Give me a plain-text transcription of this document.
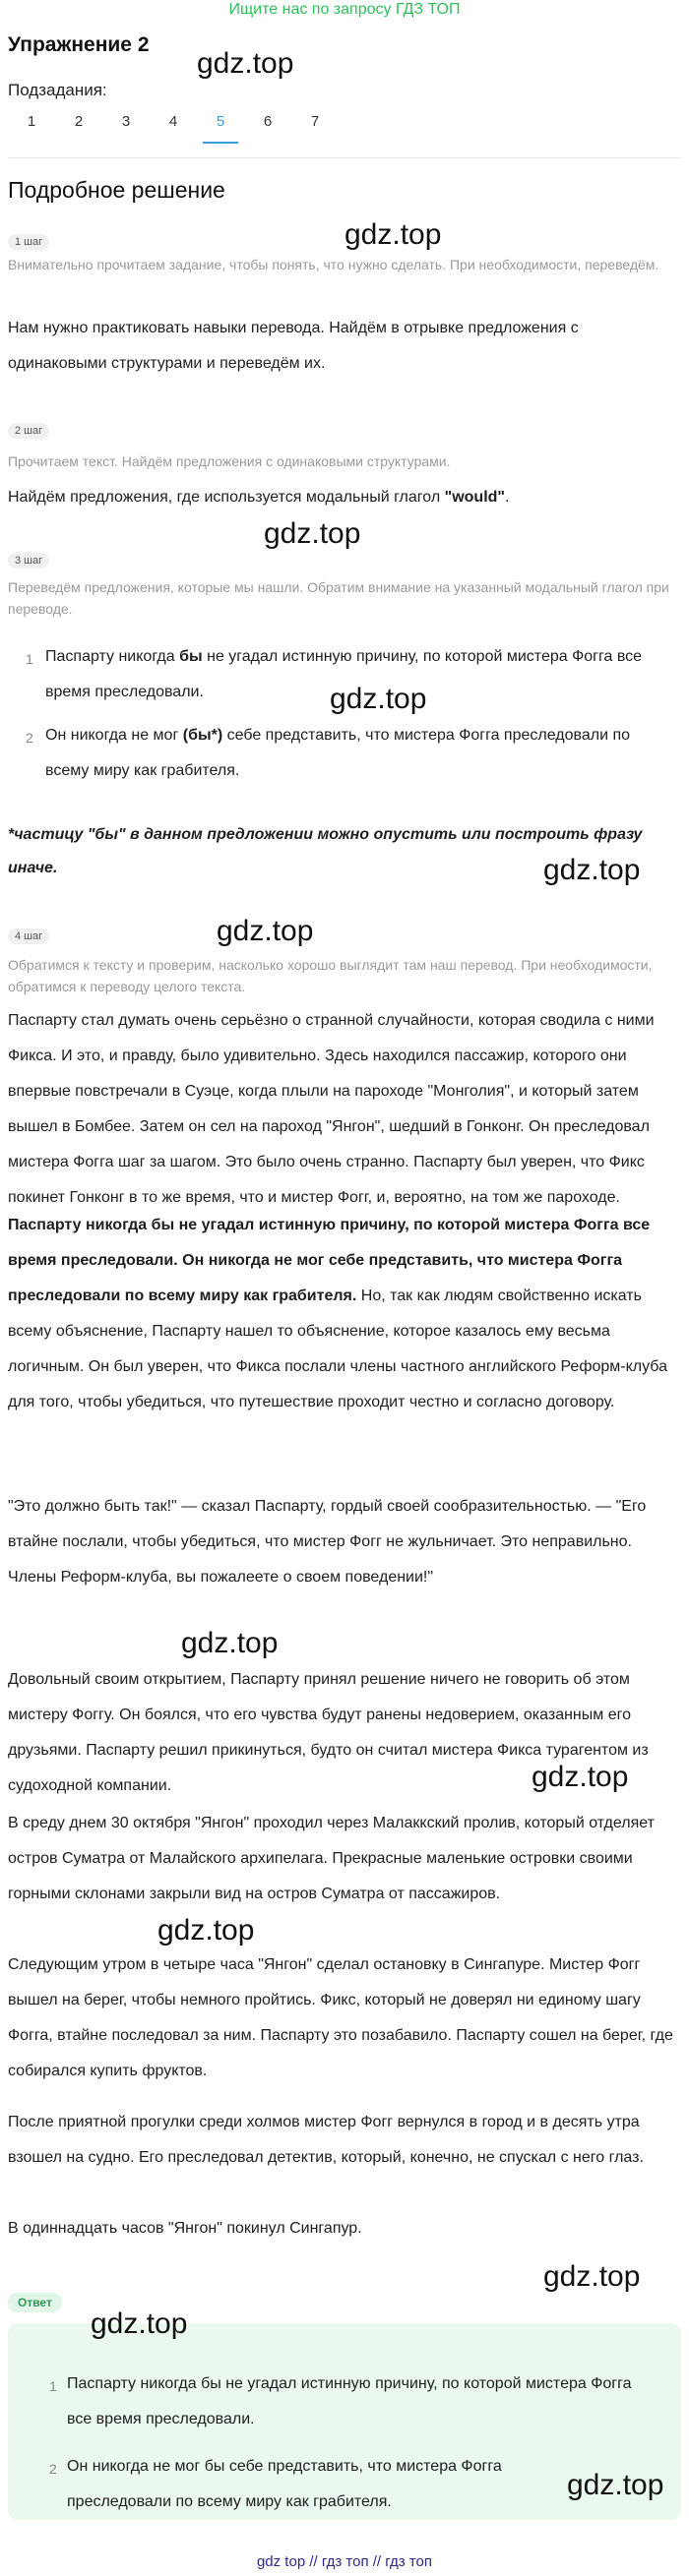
Ищите нас по запросу ГДЗ ТОП
Упражнение 2
gdz.top
Подзадания:
1	2	3	4	5	6	7
Подробное решение
1 шаг	gdz.top
Внимательно прочитаем задание, чтобы понять, что нужно сделать. При необходимости, переведём.
Нам нужно практиковать навыки перевода. Найдём в отрывке предложения с одинаковыми структурами и переведём их.
2 шаг
Прочитаем текст. Найдём предложения с одинаковыми структурами.
Найдём предложения, где используется модальный глагол "would".
gdz.top
3 шаг
Переведём предложения, которые мы нашли. Обратим внимание на указанный модальный глагол при переводе.
1 Паспарту никогда бы не угадал истинную причину, по которой мистера Фогга все время преследовали.	gdz.top
2 Он никогда не мог (бы*) себе представить, что мистера Фогга преследовали по всему миру как грабителя.
*частицу "бы" в данном предложении можно опустить или построить фразу иначе.	gdz.top
gdz.top
4 шаг
Обратимся к тексту и проверим, насколько хорошо выглядит там наш перевод. При необходимости, обратимся к переводу целого текста.
Паспарту стал думать очень серьёзно о странной случайности, которая сводила с ними Фикса. И это, и правду, было удивительно. Здесь находился пассажир, которого они впервые повстречали в Суэце, когда плыли на пароходе "Монголия", и который затем вышел в Бомбее. Затем он сел на пароход "Янгон", шедший в Гонконг. Он преследовал мистера Фогга шаг за шагом. Это было очень странно. Паспарту был уверен, что Фикс покинет Гонконг в то же время, что и мистер Фогг, и, вероятно, на том же пароходе.
Паспарту никогда бы не угадал истинную причину, по которой мистера Фогга все время преследовали. Он никогда не мог себе представить, что мистера Фогга преследовали по всему миру как грабителя. Но, так как людям свойственно искать всему объяснение, Паспарту нашел то объяснение, которое казалось ему весьма логичным. Он был уверен, что Фикса послали члены частного английского Реформ-клуба для того, чтобы убедиться, что путешествие проходит честно и согласно договору.
"Это должно быть так!" — сказал Паспарту, гордый своей сообразительностью. — "Его втайне послали, чтобы убедиться, что мистер Фогг не жульничает. Это неправильно. Члены Реформ-клуба, вы пожалеете о своем поведении!"
gdz.top
Довольный своим открытием, Паспарту принял решение ничего не говорить об этом мистеру Фоггу. Он боялся, что его чувства будут ранены недоверием, оказанным его друзьями. Паспарту решил прикинуться, будто он считал мистера Фикса турагентом из судоходной компании.	gdz.top
В среду днем 30 октября "Янгон" проходил через Малаккский пролив, который отделяет остров Суматра от Малайского архипелага. Прекрасные маленькие островки своими горными склонами закрыли вид на остров Суматра от пассажиров.
gdz.top
Следующим утром в четыре часа "Янгон" сделал остановку в Сингапуре. Мистер Фогг вышел на берег, чтобы немного пройтись. Фикс, который не доверял ни единому шагу Фогга, втайне последовал за ним. Паспарту это позабавило. Паспарту сошел на берег, где собирался купить фруктов.
После приятной прогулки среди холмов мистер Фогг вернулся в город и в десять утра взошел на судно. Его преследовал детектив, который, конечно, не спускал с него глаз.
В одиннадцать часов "Янгон" покинул Сингапур.
gdz.top
Ответ
gdz.top
1 Паспарту никогда бы не угадал истинную причину, по которой мистера Фогга все время преследовали.
2 Он никогда не мог бы себе представить, что мистера Фогга преследовали по всему миру как грабителя.
gdz.top
gdz top // гдз топ // гдз топ
